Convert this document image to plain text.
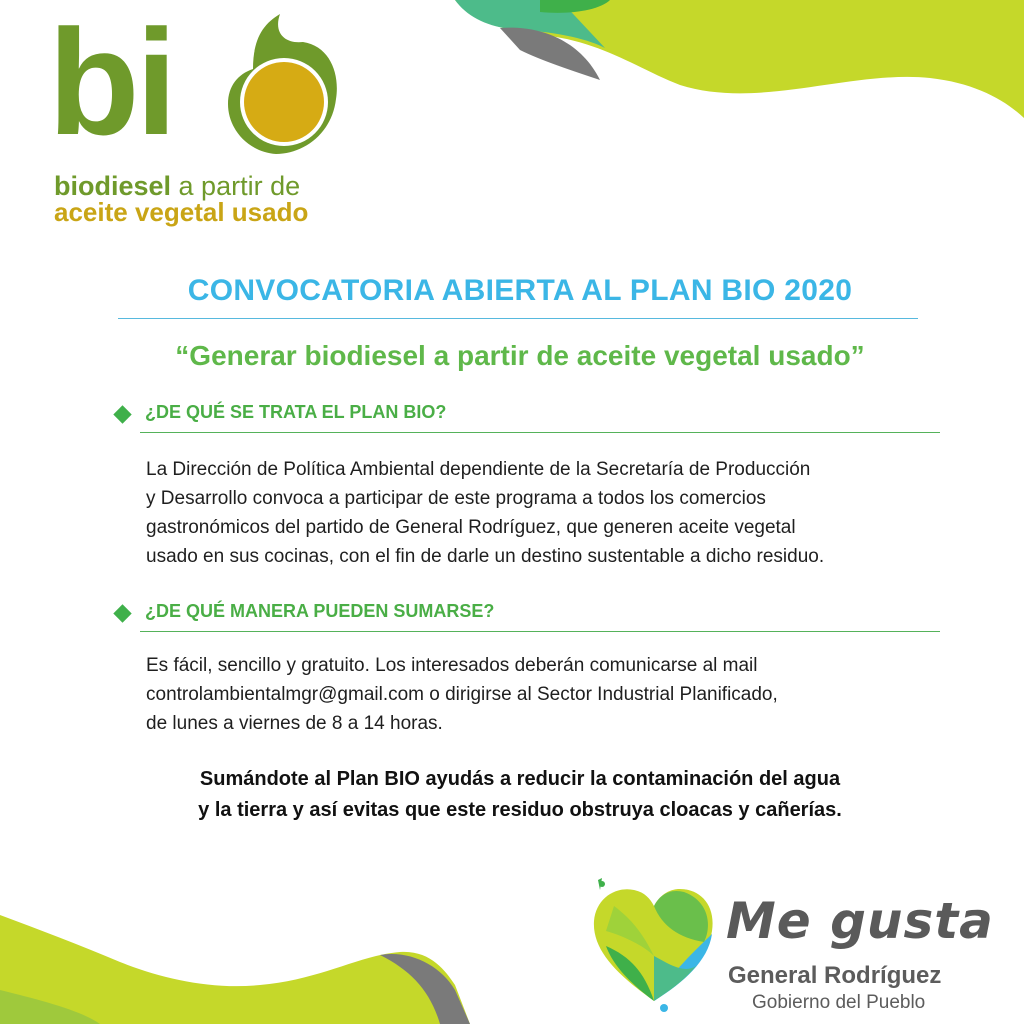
bi
biodiesel a partir de
aceite vegetal usado
CONVOCATORIA ABIERTA AL PLAN BIO 2020
“Generar biodiesel a partir de aceite vegetal usado”
¿DE QUÉ SE TRATA EL PLAN BIO?

La Dirección de Política Ambiental dependiente de la Secretaría de Producción
y Desarrollo convoca a participar de este programa a todos los comercios
gastronómicos del partido de General Rodríguez, que generen aceite vegetal
usado en sus cocinas, con el fin de darle un destino sustentable a dicho residuo.

¿DE QUÉ MANERA PUEDEN SUMARSE?

Es fácil, sencillo y gratuito. Los interesados deberán comunicarse al mail
controlambientalmgr@gmail.com o dirigirse al Sector Industrial Planificado,
de lunes a viernes de 8 a 14 horas.

Sumándote al Plan BIO ayudás a reducir la contaminación del agua
y la tierra y así evitas que este residuo obstruya cloacas y cañerías.

Me gusta
General Rodríguez
Gobierno del Pueblo
